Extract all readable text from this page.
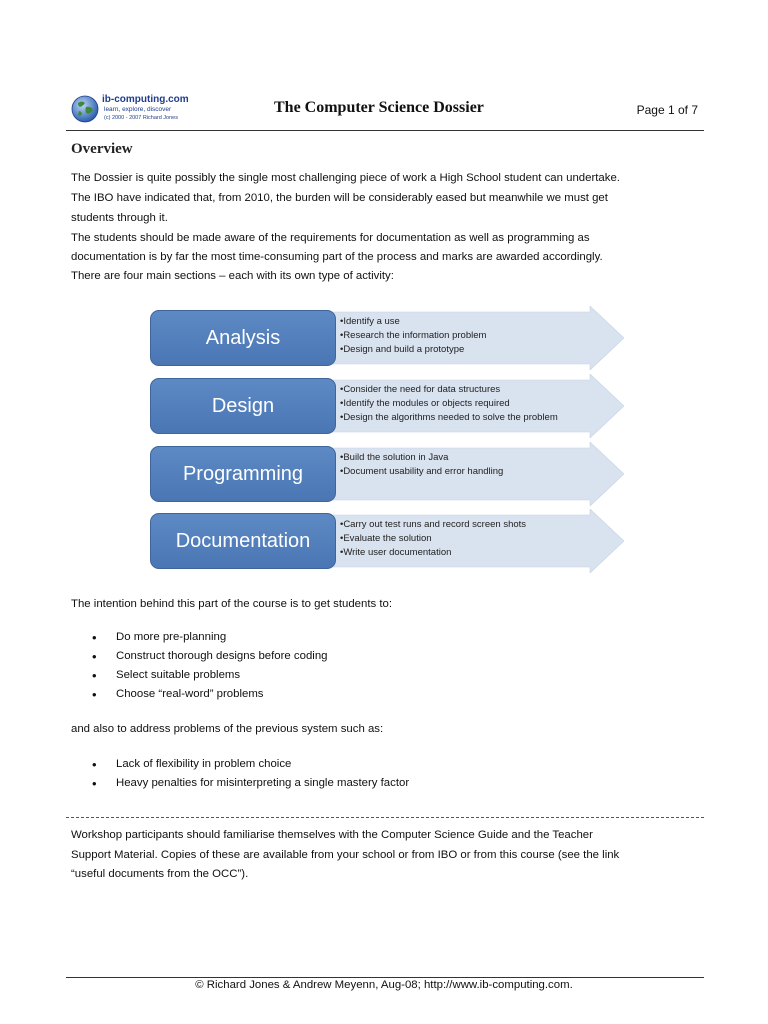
ib-computing.com
learn, explore, discover
(c) 2000 - 2007 Richard Jones
The Computer Science Dossier	Page 1 of 7
Overview
The Dossier is quite possibly the single most challenging piece of work a High School student can undertake.
The IBO have indicated that, from 2010, the burden will be considerably eased but meanwhile we must get
students through it.
The students should be made aware of the requirements for documentation as well as programming as
documentation is by far the most time-consuming part of the process and marks are awarded accordingly.
There are four main sections – each with its own type of activity:
Analysis
•Identify a use
•Research the information problem
•Design and build a prototype
Design
•Consider the need for data structures
•Identify the modules or objects required
•Design the algorithms needed to solve the problem
Programming
•Build the solution in Java
•Document usability and error handling
Documentation
•Carry out test runs and record screen shots
•Evaluate the solution
•Write user documentation
The intention behind this part of the course is to get students to:
• Do more pre-planning
• Construct thorough designs before coding
• Select suitable problems
• Choose “real-word” problems
and also to address problems of the previous system such as:
• Lack of flexibility in problem choice
• Heavy penalties for misinterpreting a single mastery factor
Workshop participants should familiarise themselves with the Computer Science Guide and the Teacher
Support Material. Copies of these are available from your school or from IBO or from this course (see the link
“useful documents from the OCC”).
© Richard Jones & Andrew Meyenn, Aug-08; http://www.ib-computing.com.
